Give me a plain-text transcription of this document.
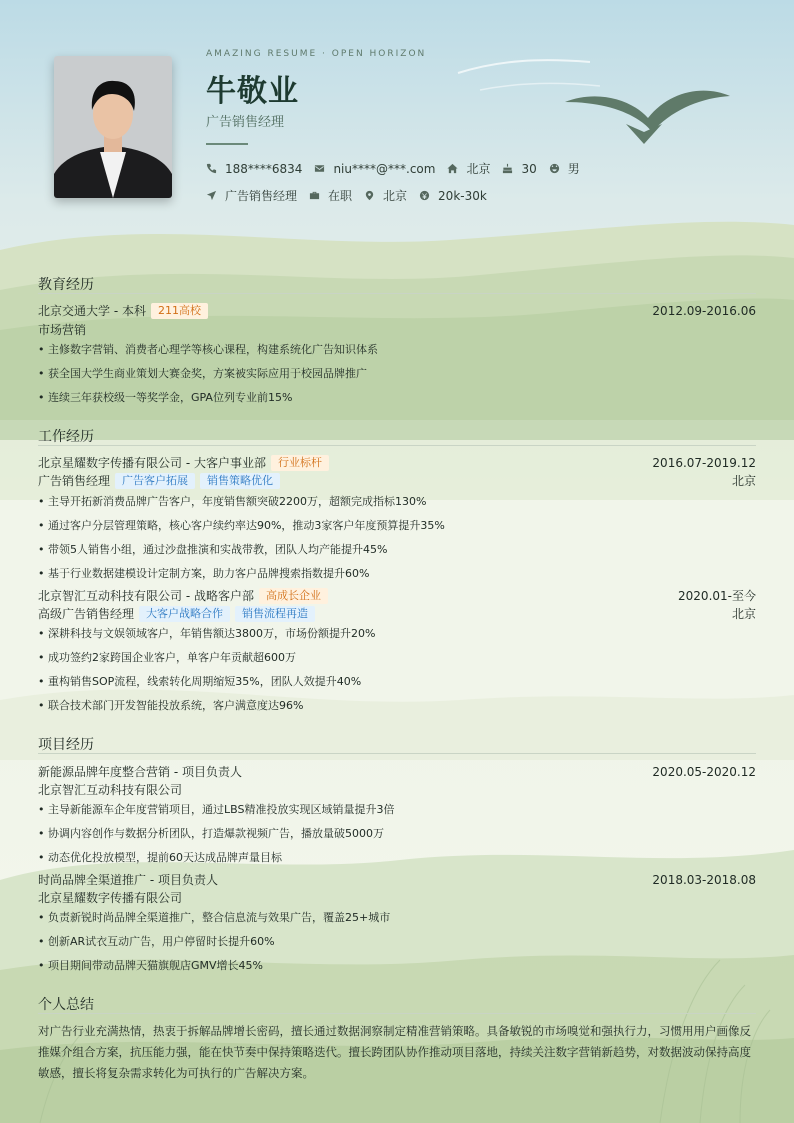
AMAZING RESUME · OPEN HORIZON
牛敬业
广告销售经理
188****6834	niu****@***.com	北京	30	男
广告销售经理	在职	北京	20k-30k
教育经历
北京交通大学 - 本科	211高校	2012.09-2016.06
市场营销
• 主修数字营销、消费者心理学等核心课程，构建系统化广告知识体系
• 获全国大学生商业策划大赛金奖，方案被实际应用于校园品牌推广
• 连续三年获校级一等奖学金，GPA位列专业前15%
工作经历
北京星耀数字传播有限公司 - 大客户事业部	行业标杆	2016.07-2019.12
广告销售经理	广告客户拓展	销售策略优化	北京
• 主导开拓新消费品牌广告客户，年度销售额突破2200万，超额完成指标130%
• 通过客户分层管理策略，核心客户续约率达90%，推动3家客户年度预算提升35%
• 带领5人销售小组，通过沙盘推演和实战带教，团队人均产能提升45%
• 基于行业数据建模设计定制方案，助力客户品牌搜索指数提升60%
北京智汇互动科技有限公司 - 战略客户部	高成长企业	2020.01-至今
高级广告销售经理	大客户战略合作	销售流程再造	北京
• 深耕科技与文娱领域客户，年销售额达3800万，市场份额提升20%
• 成功签约2家跨国企业客户，单客户年贡献超600万
• 重构销售SOP流程，线索转化周期缩短35%，团队人效提升40%
• 联合技术部门开发智能投放系统，客户满意度达96%
项目经历
新能源品牌年度整合营销 - 项目负责人	2020.05-2020.12
北京智汇互动科技有限公司
• 主导新能源车企年度营销项目，通过LBS精准投放实现区域销量提升3倍
• 协调内容创作与数据分析团队，打造爆款视频广告，播放量破5000万
• 动态优化投放模型，提前60天达成品牌声量目标
时尚品牌全渠道推广 - 项目负责人	2018.03-2018.08
北京星耀数字传播有限公司
• 负责新锐时尚品牌全渠道推广，整合信息流与效果广告，覆盖25+城市
• 创新AR试衣互动广告，用户停留时长提升60%
• 项目期间带动品牌天猫旗舰店GMV增长45%
个人总结
对广告行业充满热情，热衷于拆解品牌增长密码，擅长通过数据洞察制定精准营销策略。具备敏锐的市场嗅觉和强执行力，习惯用用户画像反推媒介组合方案，抗压能力强，能在快节奏中保持策略迭代。擅长跨团队协作推动项目落地，持续关注数字营销新趋势，对数据波动保持高度敏感，擅长将复杂需求转化为可执行的广告解决方案。
